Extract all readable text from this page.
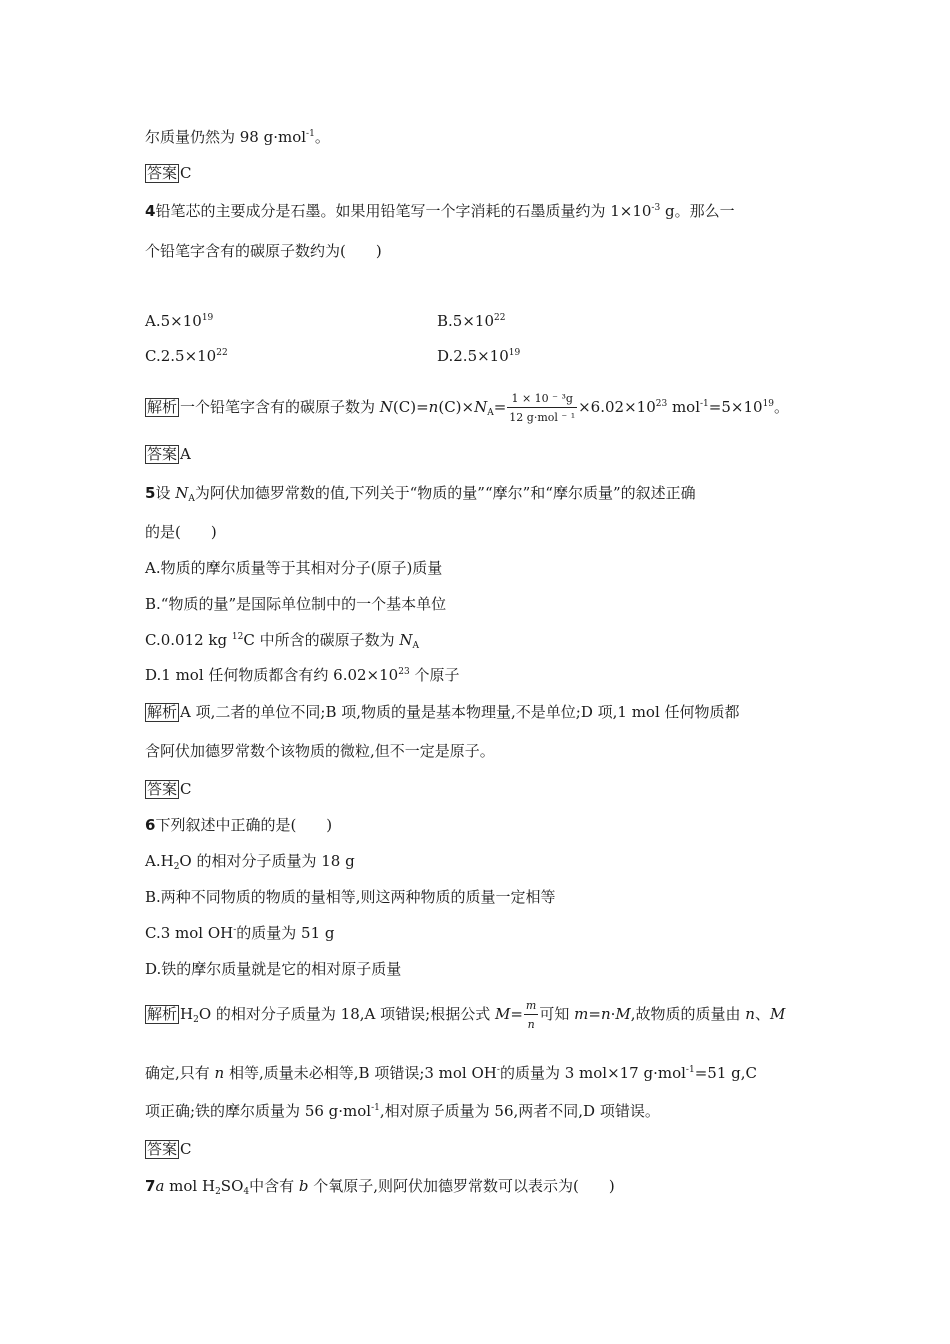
尔质量仍然为 98 g·mol$^{-1}$。
答案 C
4铅笔芯的主要成分是石墨。如果用铅笔写一个字消耗的石墨质量约为 $1\times 10^{-3}$ g。那么一
个铅笔字含有的碳原子数约为(　　)
$A.5\times 10^{19}$	$B.5\times 10^{22}$
$C.2.5\times 10^{22}$	$D.2.5\times 10^{19}$
解析 一个铅笔字含有的碳原子数为 $N(C)=n(C)\times N_A= \frac{\text{1 × 10 ⁻ ³g}}{\text{12 g·mol ⁻ ¹}} \times 6.02\times 10^{23}$ $mol^{-1}=5\times 10^{19}$。
答案 A
5设 $N_A$为阿伏加德罗常数的值,下列关于“物质的量”“摩尔”和“摩尔质量”的叙述正确
的是(　　)
A.物质的摩尔质量等于其相对分子(原子)质量
B.“物质的量”是国际单位制中的一个基本单位
C.0.012 kg $^{12}$C 中所含的碳原子数为 $N_A$
D.1 mol 任何物质都含有约 $6.02\times 10^{23}$ 个原子
解析 A 项,二者的单位不同;B 项,物质的量是基本物理量,不是单位;D 项,1 mol 任何物质都
含阿伏加德罗常数个该物质的微粒,但不一定是原子。
答案 C
6下列叙述中正确的是(　　)
$A.H_2O$ 的相对分子质量为 18 g
B.两种不同物质的物质的量相等,则这两种物质的质量一定相等
C.3 mol OH-的质量为 51 g
D.铁的摩尔质量就是它的相对原子质量
解析 $H_2O$ 的相对分子质量为 18,A 项错误;根据公式 $M= \frac{m}{n}$ 可知 m=n·M,故物质的质量由 n、M
确定,只有 n 相等,质量未必相等,B 项错误;3 mol OH-的质量为 3 mol×17 g·mol$^{-1}$=51 g,C
项正确;铁的摩尔质量为 56 g·mol$^{-1}$,相对原子质量为 56,两者不同,D 项错误。
答案 C
7a mol $H_2SO_4$中含有 b 个氧原子,则阿伏加德罗常数可以表示为(　　)
